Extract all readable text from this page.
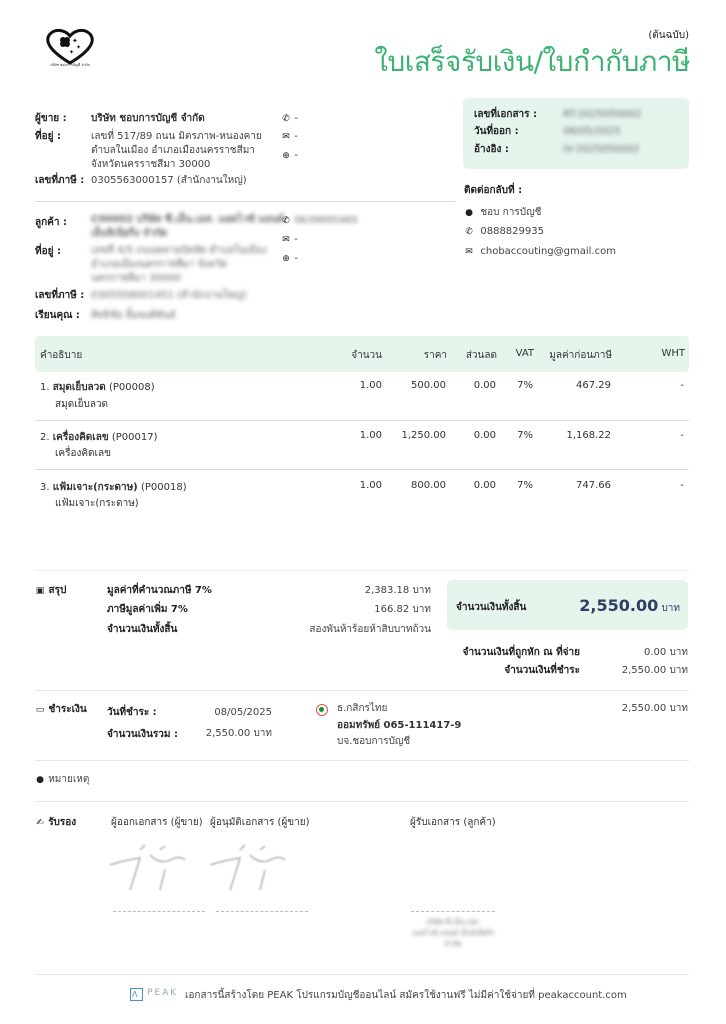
✦
✦
✦
บริษัท ชอบการบัญชี จำกัด
(ต้นฉบับ)
ใบเสร็จรับเงิน/ใบกำกับภาษี
ผู้ขาย : บริษัท ชอบการบัญชี จำกัด
ที่อยู่ :	เลขที่ 517/89 ถนน มิตรภาพ-หนองคาย
ตำบลในเมือง อำเภอเมืองนครราชสีมา
จังหวัดนครราชสีมา 30000
เลขที่ภาษี : 0305563000157 (สำนักงานใหญ่)
✆ -
✉ -
⊕ -
เลขที่เอกสาร :	RT-2025050002
วันที่ออก :	08/05/2025
อ้างอิง :	IV-2025050002
ติดต่อกลับที่ :
● ชอบ การบัญชี
✆ 0888829935
✉ chobaccouting@gmail.com
ลูกค้า : C00002 บริษัท ซี.เอ็น.เอส. แอดไวซ์ แอนด์
เอ็นจิเนียริ่ง จำกัด
ที่อยู่ :	เลขที่ 4/5 ถนนพลายบัดทัด ตำบลในเมือง
อำเภอเมืองนครราชสีมา จังหวัด
นครราชสีมา 30000
เลขที่ภาษี : 0305558001451 (สำนักงานใหญ่)
เรียนคุณ : สิทธิชัย ลิ้มพงศ์พันธ์
✆ 0639895465
✉ -
⊕ -
คำอธิบาย	จำนวน	ราคา	ส่วนลด	VAT	มูลค่าก่อนภาษี	WHT
1. สมุดเย็บลวด (P00008)
สมุดเย็บลวด
1.00	500.00	0.00	7%	467.29	-
2. เครื่องคิดเลข (P00017)
เครื่องคิดเลข
1.00	1,250.00	0.00	7%	1,168.22	-
3. แฟ้มเจาะ(กระดาษ) (P00018)
แฟ้มเจาะ(กระดาษ)
1.00	800.00	0.00	7%	747.66	-
▣ สรุป	มูลค่าที่คำนวณภาษี 7%	2,383.18 บาท
ภาษีมูลค่าเพิ่ม 7%	166.82 บาท
จำนวนเงินทั้งสิ้น	สองพันห้าร้อยห้าสิบบาทถ้วน
จำนวนเงินทั้งสิ้น	2,550.00 บาท
จำนวนเงินที่ถูกหัก ณ ที่จ่าย	0.00 บาท
จำนวนเงินที่ชำระ	2,550.00 บาท
▭ ชำระเงิน วันที่ชำระ :	08/05/2025
จำนวนเงินรวม :	2,550.00 บาท
ธ.กสิกรไทย
ออมทรัพย์ 065-111417-9
บจ.ชอบการบัญชี
2,550.00 บาท
● หมายเหตุ
✍ รับรอง	ผู้ออกเอกสาร (ผู้ขาย) ผู้อนุมัติเอกสาร (ผู้ขาย)	ผู้รับเอกสาร (ลูกค้า)
บริษัท ซี.เอ็น.เอส.
แอดไวซ์ แอนด์ เอ็นจิเนียริ่ง
จำกัด
Λ PEAK เอกสารนี้สร้างโดย PEAK โปรแกรมบัญชีออนไลน์ สมัครใช้งานฟรี ไม่มีค่าใช้จ่ายที่ peakaccount.com
